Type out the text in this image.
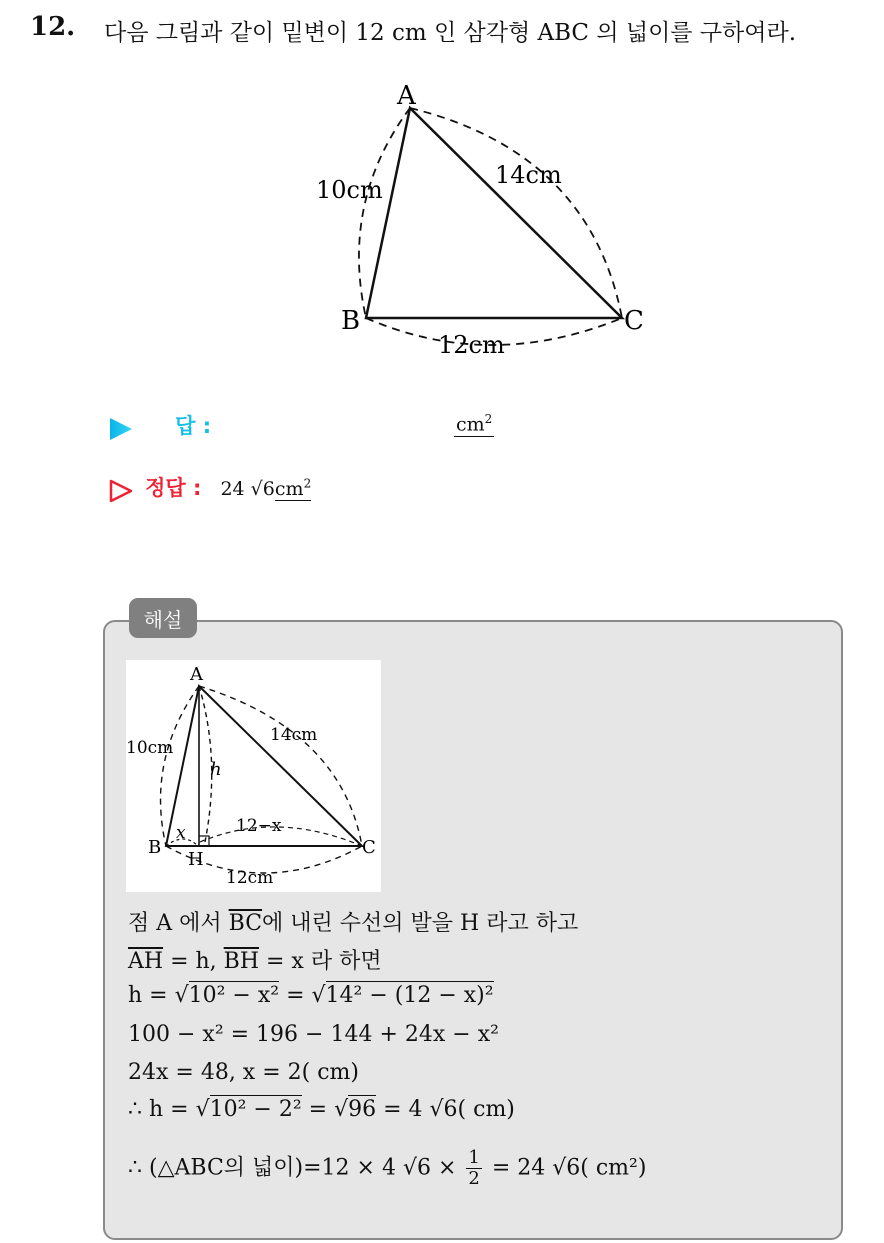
12. 다음 그림과 같이 밑변이 12 cm 인 삼각형 ABC 의 넓이를 구하여라.
A
B	C
10cm
14cm
12cm
답 :	$cm^2$
정답 : 24 $√6cm^2$
해설
A
B	C
H
10cm
14cm
12cm
h
x	12−x
점 A 에서 $\overline{BC}$에 내린 수선의 발을 H 라고 하고
$\overline{AH} = h$, $\overline{BH} = x$ 라 하면
h = √10² − x² = √14² − (12 − x)²
100 − x² = 196 − 144 + 24x − x²
24x = 48, x = 2( cm)
∴ h = √10² − 2² = √96 = 4 √6( cm)
∴ (△ABC의 넓이)=12 × 4 $√6 \times \frac{1}{2} = 24$ √6( cm²)
